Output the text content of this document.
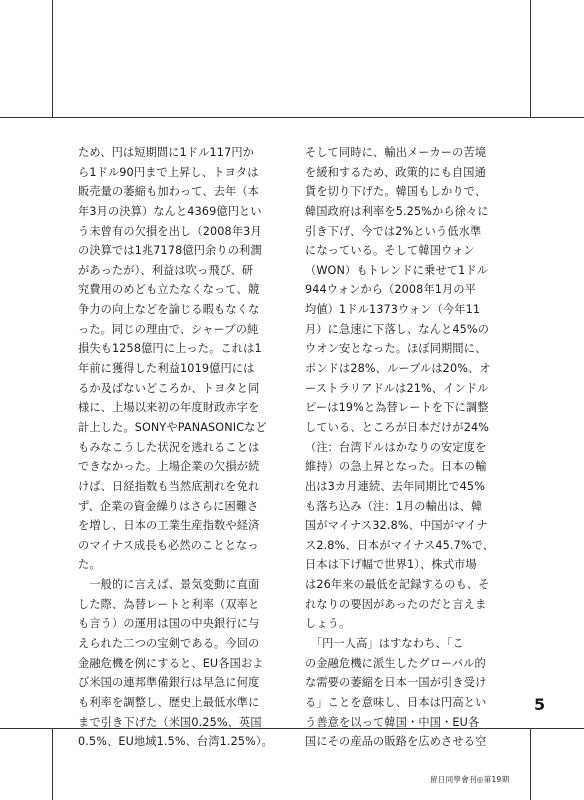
ため、円は短期間に1ドル117円か
ら1ドル90円まで上昇し、トヨタは
販売量の萎縮も加わって、去年（本
年3月の決算）なんと4369億円とい
う未曾有の欠損を出し（2008年3月
の決算では1兆7178億円余りの利潤
があったが）、利益は吹っ飛び、研
究費用のめども立たなくなって、競
争力の向上などを論じる暇もなくな
った。同じの理由で、シャープの純
損失も1258億円に上った。これは1
年前に獲得した利益1019億円には
るか及ばないどころか、トヨタと同
様に、上場以来初の年度財政赤字を
計上した。SONYやPANASONICなど
もみなこうした状況を逃れることは
できなかった。上場企業の欠損が続
けば、日経指数も当然底割れを免れ
ず、企業の資金繰りはさらに困難さ
を増し、日本の工業生産指数や経済
のマイナス成長も必然のこととなっ
た。
　一般的に言えば、景気変動に直面
した際、為替レートと利率（双率と
も言う）の運用は国の中央銀行に与
えられた二つの宝剣である。今回の
金融危機を例にすると、EU各国およ
び米国の連邦準備銀行は早急に何度
も利率を調整し、歴史上最低水準に
まで引き下げた（米国0.25%、英国
0.5%、EU地域1.5%、台湾1.25%）。
そして同時に、輸出メーカーの苦境
を緩和するため、政策的にも自国通
貨を切り下げた。韓国もしかりで、
韓国政府は利率を5.25%から徐々に
引き下げ、今では2%という低水準
になっている。そして韓国ウォン
（WON）もトレンドに乗せて1ドル
944ウォンから（2008年1月の平
均値）1ドル1373ウォン（今年11
月）に急速に下落し、なんと45%の
ウオン安となった。ほぼ同期間に、
ポンドは28%、ルーブルは20%、オ
ーストラリアドルは21%、インドル
ピーは19%と為替レートを下に調整
している、ところが日本だけが24%
（注：台湾ドルはかなりの安定度を
維持）の急上昇となった。日本の輸
出は3カ月連続、去年同期比で45%
も落ち込み（注：1月の輸出は、韓
国がマイナス32.8%、中国がマイナ
ス2.8%、日本がマイナス45.7%で、
日本は下げ幅で世界1）、株式市場
は26年来の最低を記録するのも、そ
れなりの要因があったのだと言えま
しょう。
　「円一人高」はすなわち、「こ
の金融危機に派生したグローバル的
な需要の萎縮を日本一国が引き受け
る」ことを意味し、日本は円高とい
う善意を以って韓国・中国・EU各
国にその産品の販路を広めさせる空
5
留日同學會刊◎第19期
